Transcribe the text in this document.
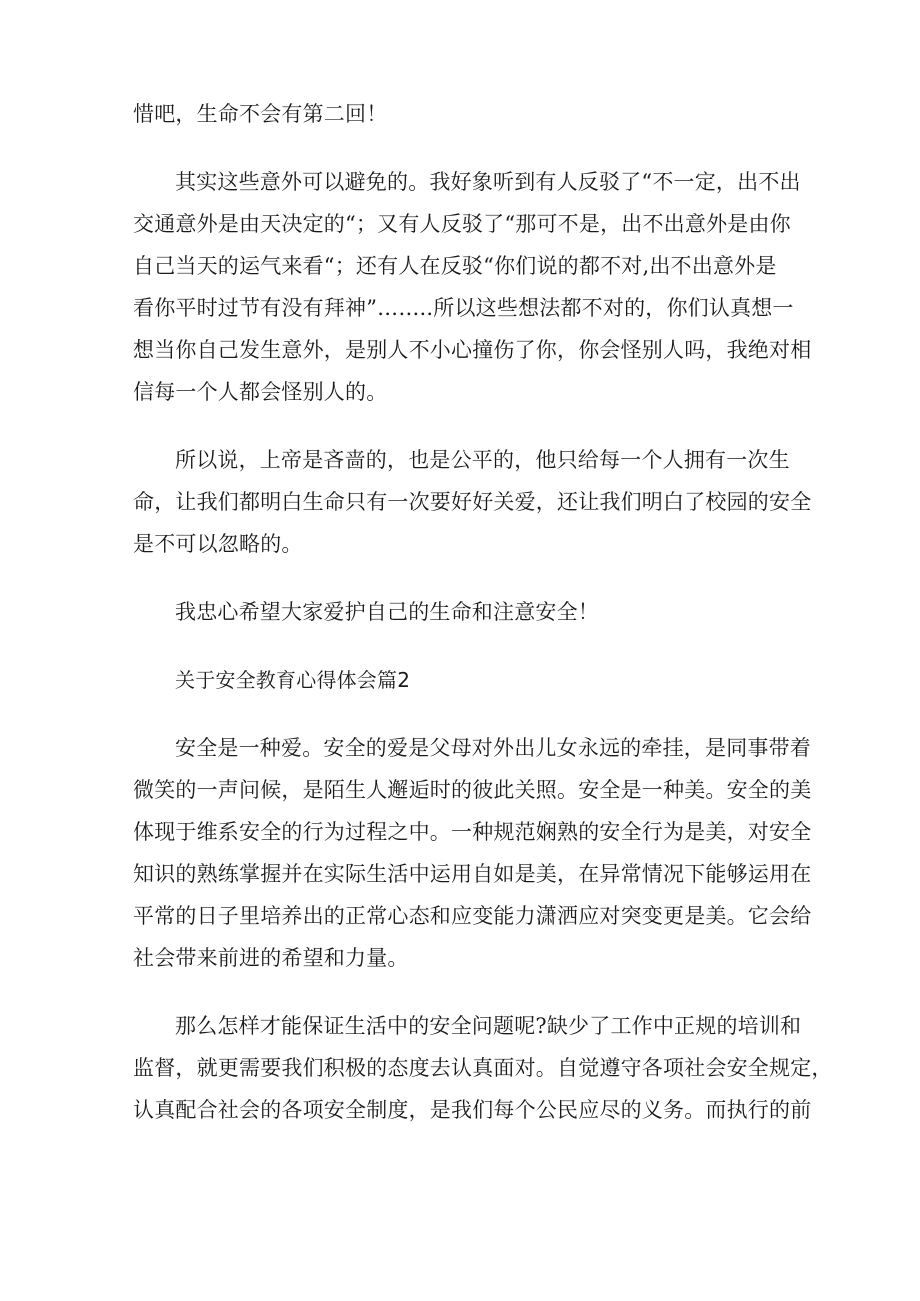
惜吧，生命不会有第二回！
其实这些意外可以避免的。我好象听到有人反驳了“不一定，出不出
交通意外是由天决定的“；又有人反驳了“那可不是，出不出意外是由你
自己当天的运气来看“；还有人在反驳“你们说的都不对,出不出意外是
看你平时过节有没有拜神”……..所以这些想法都不对的，你们认真想一
想当你自己发生意外，是别人不小心撞伤了你，你会怪别人吗，我绝对相
信每一个人都会怪别人的。
所以说，上帝是吝啬的，也是公平的，他只给每一个人拥有一次生
命，让我们都明白生命只有一次要好好关爱，还让我们明白了校园的安全
是不可以忽略的。
我忠心希望大家爱护自己的生命和注意安全！
关于安全教育心得体会篇2
安全是一种爱。安全的爱是父母对外出儿女永远的牵挂，是同事带着
微笑的一声问候，是陌生人邂逅时的彼此关照。安全是一种美。安全的美
体现于维系安全的行为过程之中。一种规范娴熟的安全行为是美，对安全
知识的熟练掌握并在实际生活中运用自如是美，在异常情况下能够运用在
平常的日子里培养出的正常心态和应变能力潇洒应对突变更是美。它会给
社会带来前进的希望和力量。
那么怎样才能保证生活中的安全问题呢?缺少了工作中正规的培训和
监督，就更需要我们积极的态度去认真面对。自觉遵守各项社会安全规定，
认真配合社会的各项安全制度，是我们每个公民应尽的义务。而执行的前
